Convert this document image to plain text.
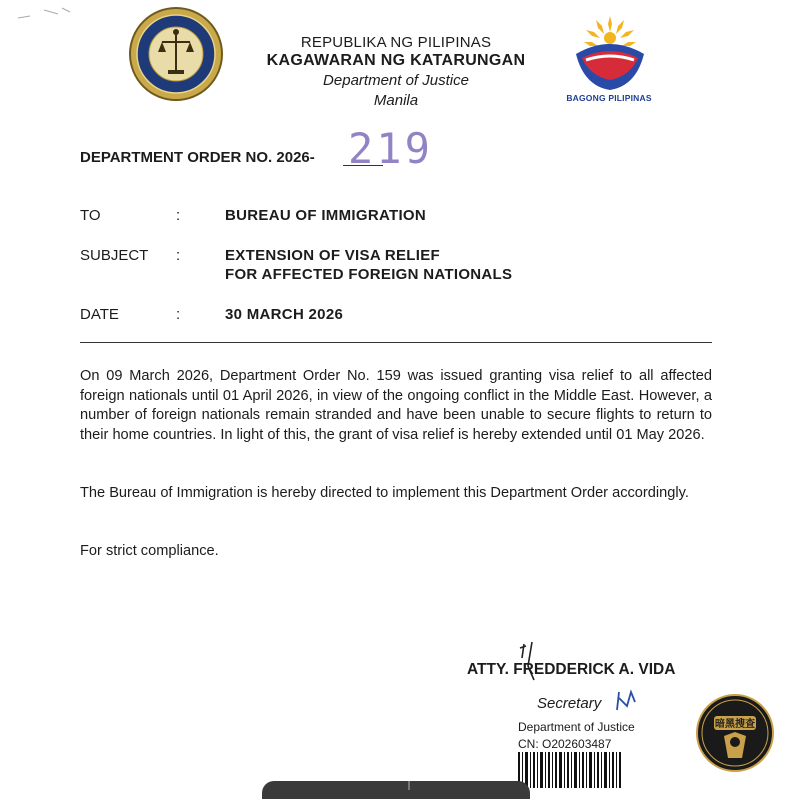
REPUBLIKA NG PILIPINAS
KAGAWARAN NG KATARUNGAN
Department of Justice
Manila	BAGONG PILIPINAS
DEPARTMENT ORDER NO. 2026- 219
TO	:	BUREAU OF IMMIGRATION
SUBJECT :	EXTENSION OF VISA RELIEF
FOR AFFECTED FOREIGN NATIONALS
DATE	:	30 MARCH 2026
On 09 March 2026, Department Order No. 159 was issued granting visa relief to all affected foreign nationals until 01 April 2026, in view of the ongoing conflict in the Middle East. However, a number of foreign nationals remain stranded and have been unable to secure flights to return to their home countries. In light of this, the grant of visa relief is hereby extended until 01 May 2026.
The Bureau of Immigration is hereby directed to implement this Department Order accordingly.
For strict compliance.
ATTY. FREDDERICK A. VIDA
Secretary
Department of Justice
CN: O202603487
暗黑搜查
